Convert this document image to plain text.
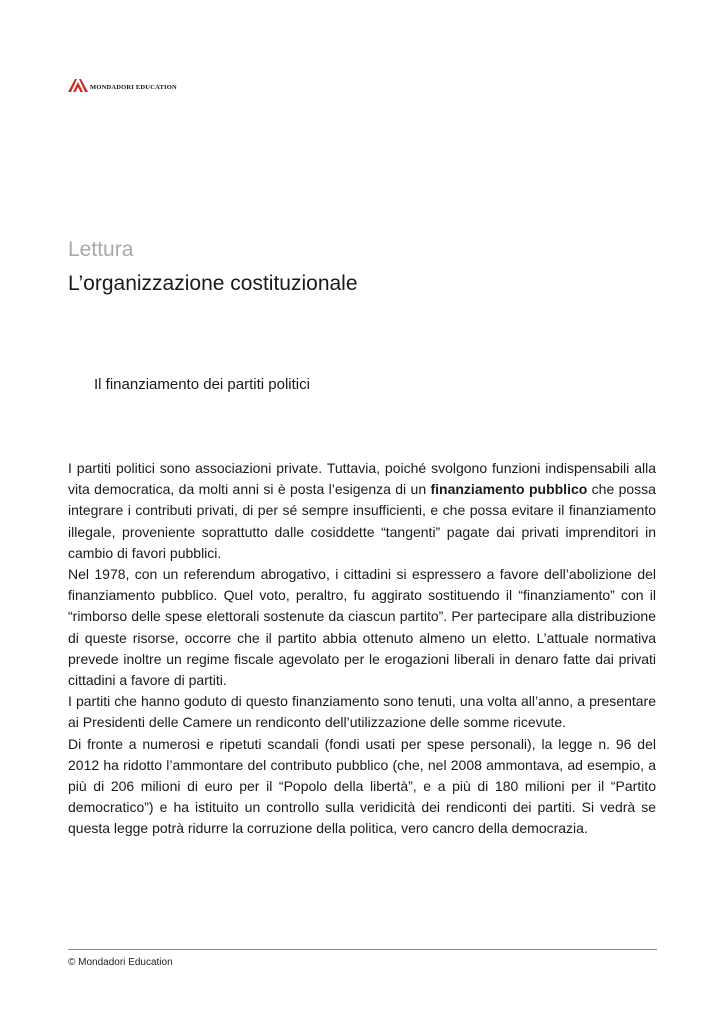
MONDADORI EDUCATION
Lettura
L’organizzazione costituzionale
Il finanziamento dei partiti politici

I partiti politici sono associazioni private. Tuttavia, poiché svolgono funzioni indispensabili alla vita democratica, da molti anni si è posta l’esigenza di un finanziamento pubblico che possa integrare i contributi privati, di per sé sempre insufficienti, e che possa evitare il finanziamento illegale, proveniente soprattutto dalle cosiddette “tangenti” pagate dai privati imprenditori in cambio di favori pubblici.

Nel 1978, con un referendum abrogativo, i cittadini si espressero a favore dell’abolizione del finanziamento pubblico. Quel voto, peraltro, fu aggirato sostituendo il “finanziamento” con il “rimborso delle spese elettorali sostenute da ciascun partito”. Per partecipare alla distribuzione di queste risorse, occorre che il partito abbia ottenuto almeno un eletto. L’attuale normativa prevede inoltre un regime fiscale agevolato per le erogazioni liberali in denaro fatte dai privati cittadini a favore di partiti.

I partiti che hanno goduto di questo finanziamento sono tenuti, una volta all’anno, a presentare ai Presidenti delle Camere un rendiconto dell’utilizzazione delle somme ricevute.

Di fronte a numerosi e ripetuti scandali (fondi usati per spese personali), la legge n. 96 del 2012 ha ridotto l’ammontare del contributo pubblico (che, nel 2008 ammontava, ad esempio, a più di 206 milioni di euro per il “Popolo della libertà”, e a più di 180 milioni per il “Partito democratico”) e ha istituito un controllo sulla veridicità dei rendiconti dei partiti. Si vedrà se questa legge potrà ridurre la corruzione della politica, vero cancro della democrazia.

© Mondadori Education
